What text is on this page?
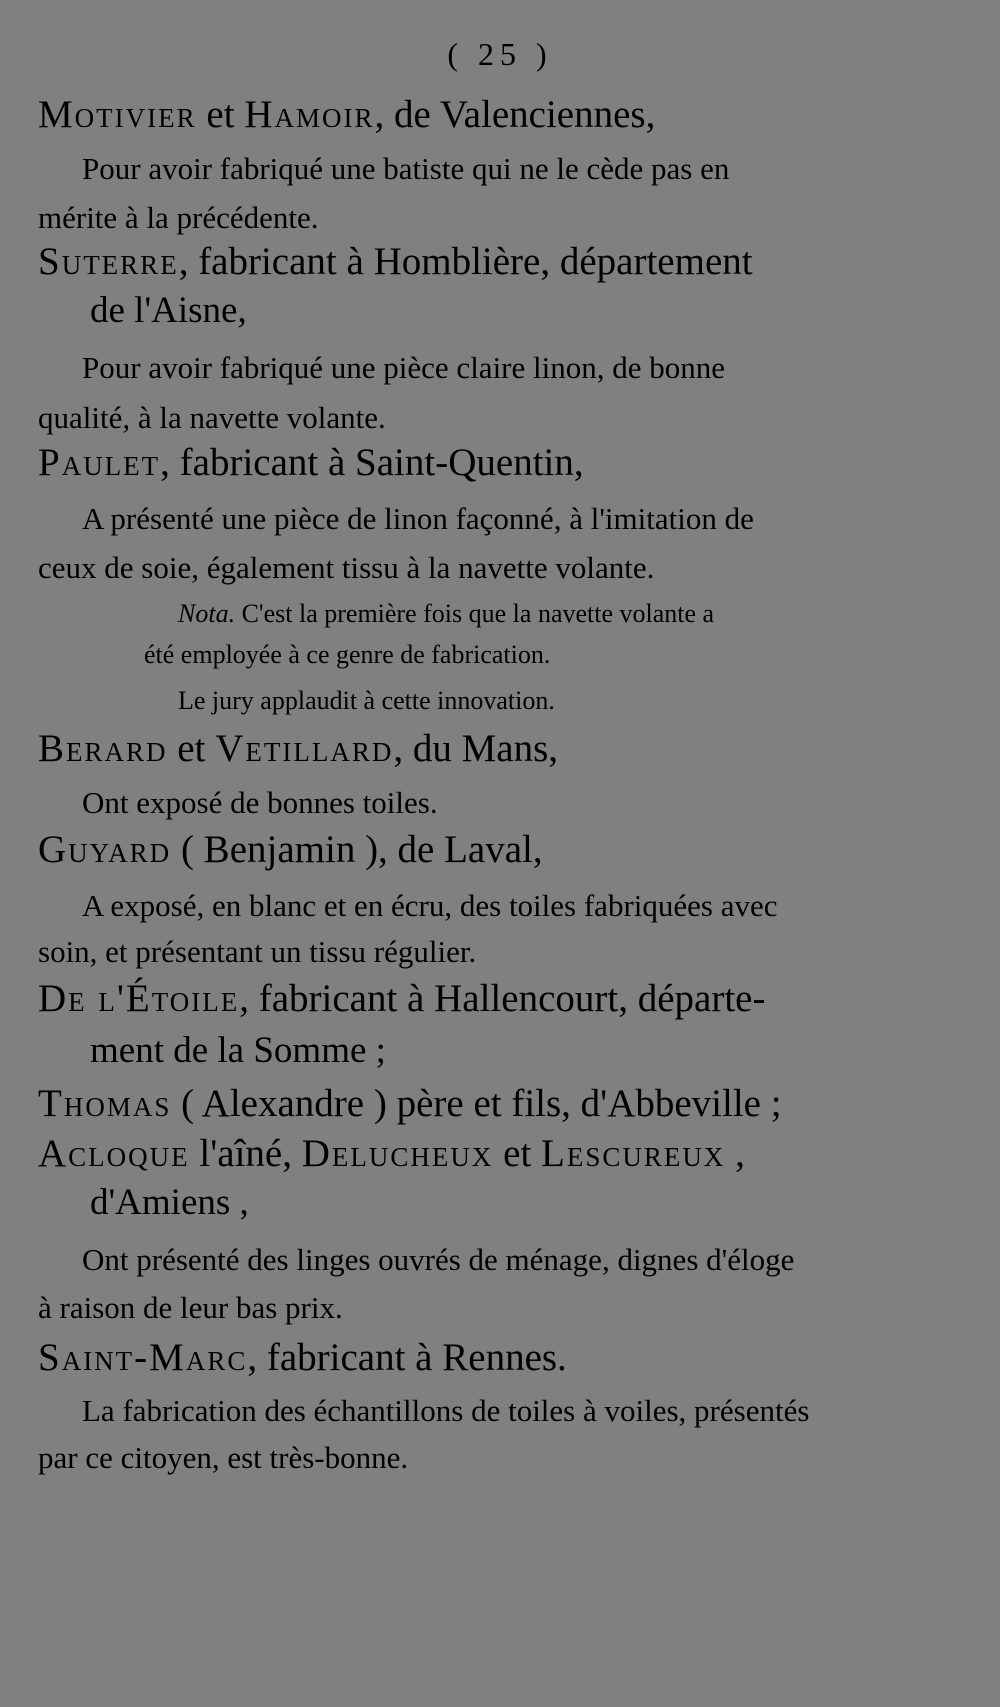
( 25 )
Motivier et Hamoir, de Valenciennes,
Pour avoir fabriqué une batiste qui ne le cède pas en
mérite à la précédente.
Suterre, fabricant à Homblière, département
de l'Aisne,
Pour avoir fabriqué une pièce claire linon, de bonne
qualité, à la navette volante.
Paulet, fabricant à Saint-Quentin,
A présenté une pièce de linon façonné, à l'imitation de
ceux de soie, également tissu à la navette volante.
Nota. C'est la première fois que la navette volante a
été employée à ce genre de fabrication.
Le jury applaudit à cette innovation.
Berard et Vetillard, du Mans,
Ont exposé de bonnes toiles.
Guyard ( Benjamin ), de Laval,
A exposé, en blanc et en écru, des toiles fabriquées avec
soin, et présentant un tissu régulier.
De l'Étoile, fabricant à Hallencourt, départe-
ment de la Somme ;
Thomas ( Alexandre ) père et fils, d'Abbeville ;
Acloque l'aîné, Delucheux et Lescureux ,
d'Amiens ,
Ont présenté des linges ouvrés de ménage, dignes d'éloge
à raison de leur bas prix.
Saint-Marc, fabricant à Rennes.
La fabrication des échantillons de toiles à voiles, présentés
par ce citoyen, est très-bonne.
